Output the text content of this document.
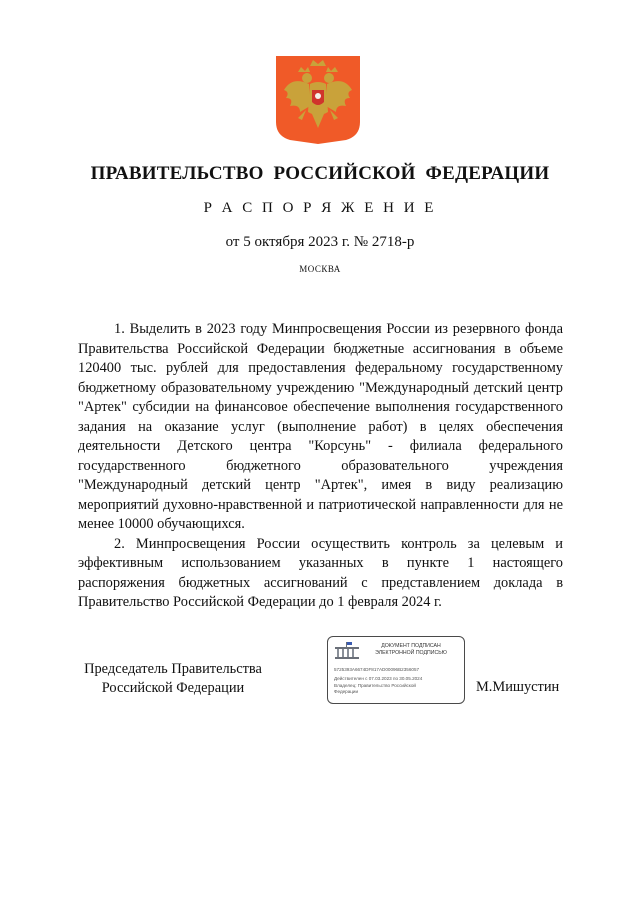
ПРАВИТЕЛЬСТВО РОССИЙСКОЙ ФЕДЕРАЦИИ
Р А С П О Р Я Ж Е Н И Е
от 5 октября 2023 г. № 2718-р
МОСКВА

1. Выделить в 2023 году Минпросвещения России из резервного фонда Правительства Российской Федерации бюджетные ассигнования в объеме 120400 тыс. рублей для предоставления федеральному государственному бюджетному образовательному учреждению "Международный детский центр "Артек" субсидии на финансовое обеспечение выполнения государственного задания на оказание услуг (выполнение работ) в целях обеспечения деятельности Детского центра "Корсунь" - филиала федерального государственного бюджетного образовательного учреждения "Международный детский центр "Артек", имея в виду реализацию мероприятий духовно-нравственной и патриотической направленности для не менее 10000 обучающихся.

2. Минпросвещения России осуществить контроль за целевым и эффективным использованием указанных в пункте 1 настоящего распоряжения бюджетных ассигнований с представлением доклада в Правительство Российской Федерации до 1 февраля 2024 г.

Председатель Правительства
Российской Федерации
ДОКУМЕНТ ПОДПИСАН
ЭЛЕКТРОННОЙ ПОДПИСЬЮ
5725393A6674DF817AD00096B2356057
Действителен с 07.03.2023 по 30.05.2024
Владелец: Правительство Российской
Федерации	М.Мишустин
